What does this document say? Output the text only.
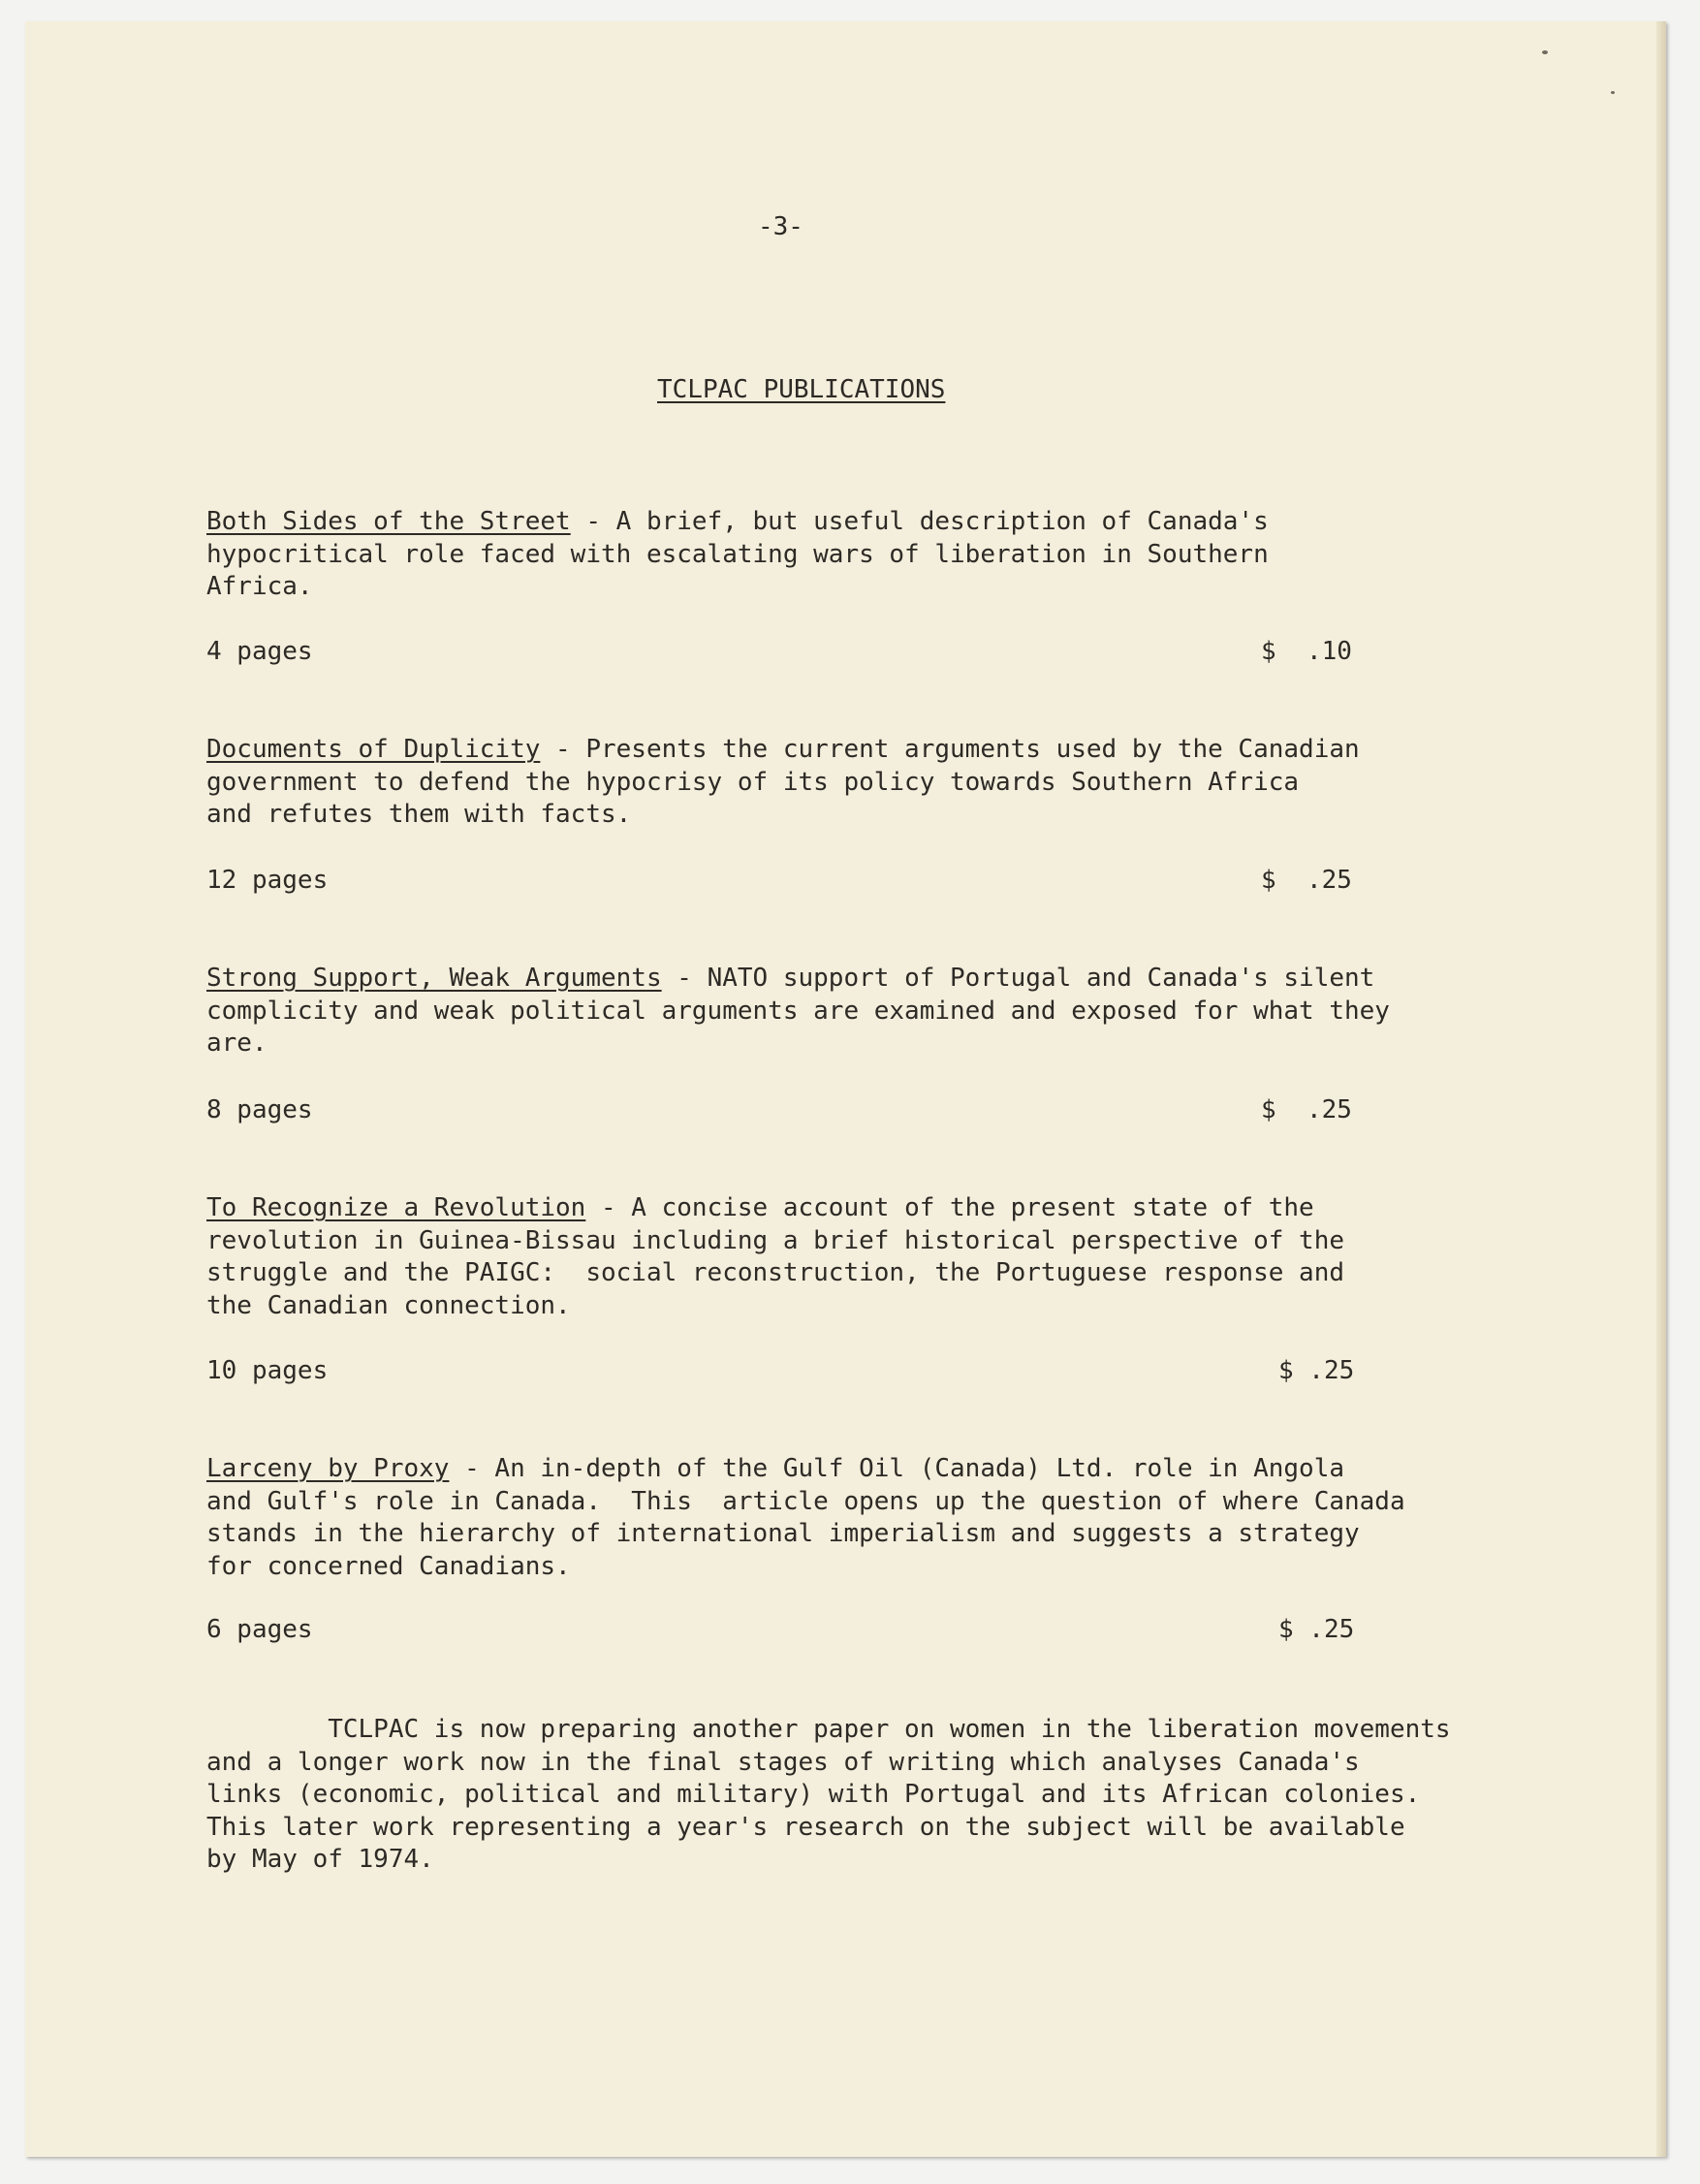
-3-

TCLPAC PUBLICATIONS

Both Sides of the Street - A brief, but useful description of Canada's

hypocritical role faced with escalating wars of liberation in Southern
Africa.

4 pages	$  .10

Documents of Duplicity - Presents the current arguments used by the Canadian

government to defend the hypocrisy of its policy towards Southern Africa
and refutes them with facts.

12 pages	$  .25

Strong Support, Weak Arguments - NATO support of Portugal and Canada's silent

complicity and weak political arguments are examined and exposed for what they
are.

8 pages	$  .25

To Recognize a Revolution - A concise account of the present state of the

revolution in Guinea-Bissau including a brief historical perspective of the
struggle and the PAIGC:  social reconstruction, the Portuguese response and
the Canadian connection.

10 pages	$ .25

Larceny by Proxy - An in-depth of the Gulf Oil (Canada) Ltd. role in Angola

and Gulf's role in Canada.  This  article opens up the question of where Canada
stands in the hierarchy of international imperialism and suggests a strategy
for concerned Canadians.

6 pages	$ .25

TCLPAC is now preparing another paper on women in the liberation movements
and a longer work now in the final stages of writing which analyses Canada's
links (economic, political and military) with Portugal and its African colonies.
This later work representing a year's research on the subject will be available
by May of 1974.
